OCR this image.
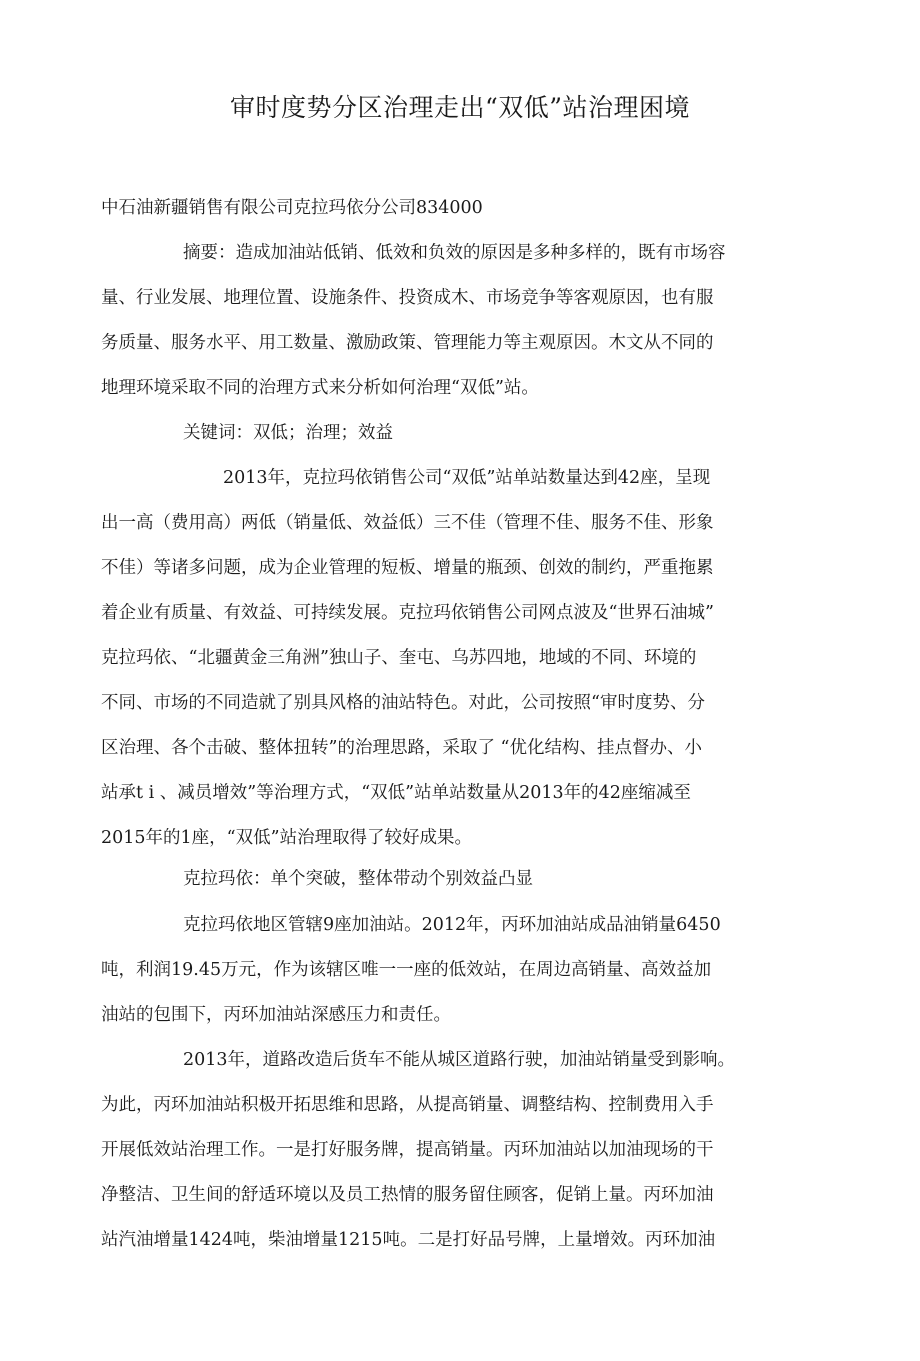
审时度势分区治理走出“双低”站治理困境

中石油新疆销售有限公司克拉玛依分公司834000

摘要：造成加油站低销、低效和负效的原因是多种多样的，既有市场容
量、行业发展、地理位置、设施条件、投资成木、市场竞争等客观原因，也有服
务质量、服务水平、用工数量、激励政策、管理能力等主观原因。木文从不同的
地理环境采取不同的治理方式来分析如何治理“双低”站。

关键词：双低；治理；效益

2013年，克拉玛依销售公司“双低”站单站数量达到42座，呈现
出一高（费用高）两低（销量低、效益低）三不佳（管理不佳、服务不佳、形象
不佳）等诸多问题，成为企业管理的短板、增量的瓶颈、创效的制约，严重拖累
着企业有质量、有效益、可持续发展。克拉玛依销售公司网点波及“世界石油城”
克拉玛依、“北疆黄金三角洲”独山子、奎屯、乌苏四地，地域的不同、环境的
不同、市场的不同造就了别具风格的油站特色。对此，公司按照“审时度势、分
区治理、各个击破、整体扭转”的治理思路，采取了 “优化结构、挂点督办、小
站承t i 、减员增效”等治理方式，“双低”站单站数量从2013年的42座缩减至
2015年的1座，“双低”站治理取得了较好成果。

克拉玛依：单个突破，整体带动个别效益凸显

克拉玛依地区管辖9座加油站。2012年，丙环加油站成品油销量6450
吨，利润19.45万元，作为该辖区唯一一座的低效站，在周边高销量、高效益加
油站的包围下，丙环加油站深感压力和责任。
2013年，道路改造后货车不能从城区道路行驶，加油站销量受到影响。
为此，丙环加油站积极开拓思维和思路，从提高销量、调整结构、控制费用入手
开展低效站治理工作。一是打好服务牌，提高销量。丙环加油站以加油现场的干
净整洁、卫生间的舒适环境以及员工热情的服务留住顾客，促销上量。丙环加油
站汽油增量1424吨，柴油增量1215吨。二是打好品号牌，上量增效。丙环加油
